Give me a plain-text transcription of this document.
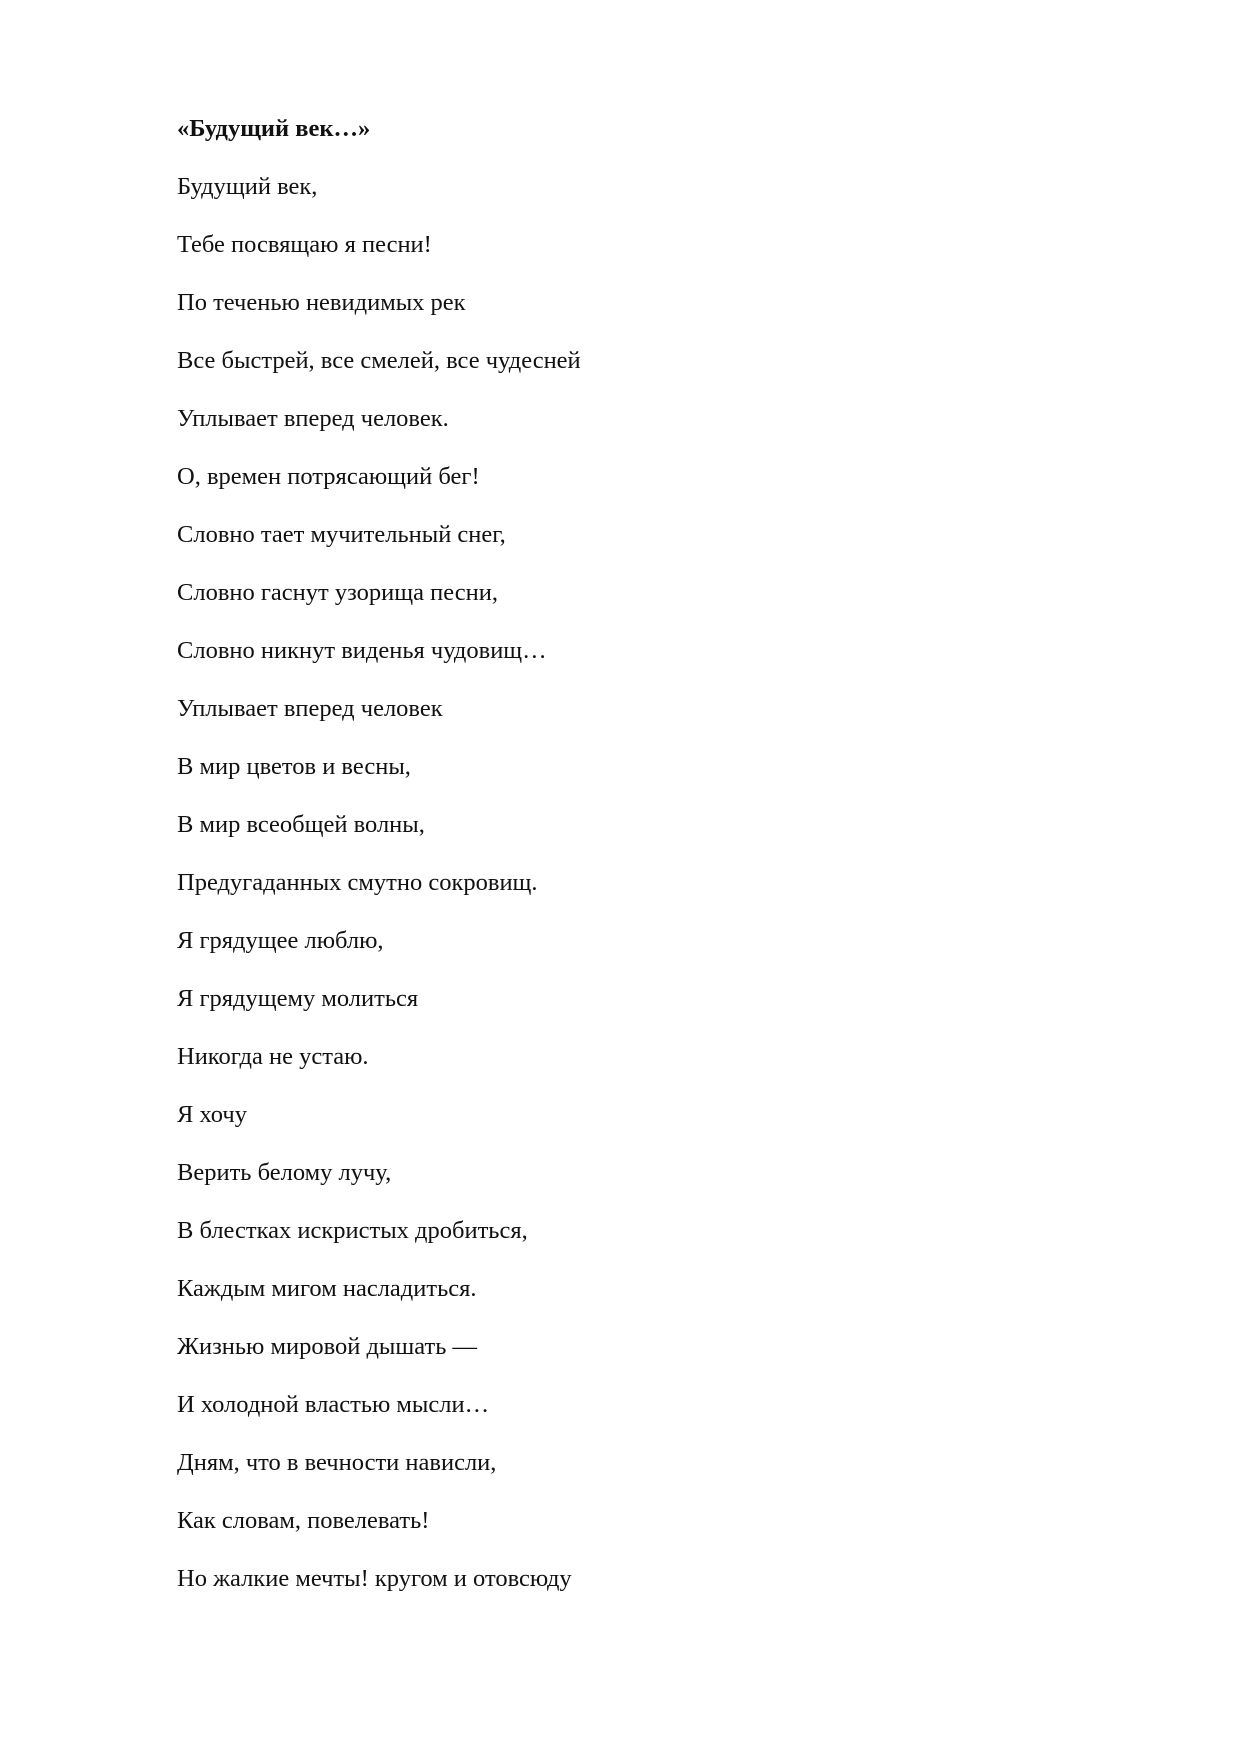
«Будущий век…»
Будущий век,
Тебе посвящаю я песни!
По теченью невидимых рек
Все быстрей, все смелей, все чудесней
Уплывает вперед человек.
О, времен потрясающий бег!
Словно тает мучительный снег,
Словно гаснут узорища песни,
Словно никнут виденья чудовищ…
Уплывает вперед человек
В мир цветов и весны,
В мир всеобщей волны,
Предугаданных смутно сокровищ.
Я грядущее люблю,
Я грядущему молиться
Никогда не устаю.
Я хочу
Верить белому лучу,
В блестках искристых дробиться,
Каждым мигом насладиться.
Жизнью мировой дышать —
И холодной властью мысли…
Дням, что в вечности нависли,
Как словам, повелевать!
Но жалкие мечты! кругом и отовсюду
